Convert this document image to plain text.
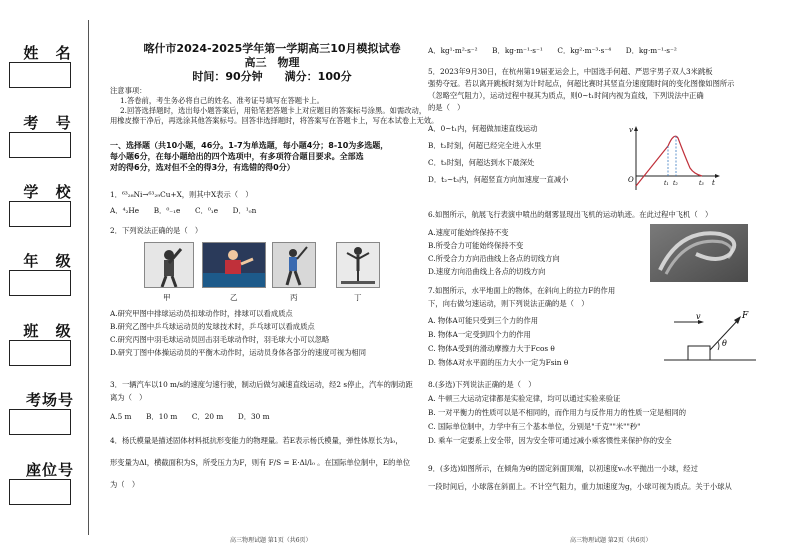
姓 名
考 号
学 校
年 级
班 级
考场号
座位号
喀什市2024-2025学年第一学期高三10月模拟试卷
高三　物理
时间：90分钟　　满分：100分

注意事项：

1.答卷前，考生务必将自己的姓名、准考证号填写在答题卡上。

2.回答选择题时，选出每小题答案后，用铅笔把答题卡上对应题目的答案标号涂黑。如需改动，

用橡皮擦干净后，再选涂其他答案标号。回答非选择题时，将答案写在答题卡上，写在本试卷上无效。

一、选择题（共10小题，46分。1-7为单选题，每小题4分；8-10为多选题，

每小题6分，在每小题给出的四个选项中，有多项符合题目要求。全部选

对的得6分，选对但不全的得3分，有选错的得0分）

1．⁶³₂₈Ni→⁶³₂₉Cu+X，则其中X表示（　）

A．⁴₂He　　B．⁰₋₁e　　C．⁰₁e　　D．¹₀n

2．下列说法正确的是（　）

甲	乙	丙	丁

A.研究甲图中排球运动员扣球动作时，排球可以看成质点

B.研究乙图中乒乓球运动员的发球技术时，乒乓球可以看成质点

C.研究丙图中羽毛球运动员回击羽毛球动作时，羽毛球大小可以忽略

D.研究丁图中体操运动员的平衡木动作时，运动员身体各部分的速度可视为相同

3．一辆汽车以10 m/s的速度匀速行驶，制动后做匀减速直线运动，经2 s停止，汽车的制动距

离为（　）

A.5 m　　B．10 m　　C．20 m　　D．30 m

4．杨氏模量是描述固体材料抵抗形变能力的物理量。若E表示杨氏模量，弹性体原长为l₀，

形变量为Δl，横截面积为S，所受压力为F，则有 F/S = E·Δl/l₀ 。在国际单位制中，E的单位

为（　）

高三物理试题 第1页（共6页）

A．kg¹·m²·s⁻²　　B．kg·m⁻¹·s⁻¹　　C．kg²·m⁻³·s⁻⁴　　D．kg·m⁻¹·s⁻²

5．2023年9月30日，在杭州第19届亚运会上，中国选手何超、严思宇男子双人3米跳板

强势夺冠。若以离开跳板时刻为计时起点，何超比赛时其竖直分速度随时间的变化图像如图所示

（忽略空气阻力），运动过程中视其为质点，则0~t₁时间内视为直线，下列说法中正确

的是（　）

A．0~t₁内，何超做加速直线运动

B．t₂时刻，何超已经完全进入水里

C．t₃时刻，何超达到水下最深处

D．t₂~t₃内，何超竖直方向加速度一直减小

v
O	t₁ t₂	t₃ t

6.如图所示，航展飞行表演中喷出的烟雾显现出飞机的运动轨迹。在此过程中飞机（　）

A.速度可能始终保持不变

B.所受合力可能始终保持不变

C.所受合力方向沿曲线上各点的切线方向

D.速度方向沿曲线上各点的切线方向

7.如图所示，水平地面上的物体，在斜向上的拉力F的作用

下，向右做匀速运动，则下列说法正确的是（　）

A. 物体A可能只受到三个力的作用

B. 物体A一定受到四个力的作用

C. 物体A受到的滑动摩擦力大于Fcos θ

D. 物体A对水平面的压力大小一定为Fsin θ

v	F
θ

8.(多选)下列说法正确的是（　）

A. 牛顿三大运动定律都是实验定律，均可以通过实验来验证

B. 一对平衡力的性质可以是不相同的，而作用力与反作用力的性质一定是相同的

C. 国际单位制中，力学中有三个基本单位，分别是"千克""米""秒"

D. 乘车一定要系上安全带，因为安全带可通过减小乘客惯性来保护你的安全

9．(多选)如图所示，在倾角为θ的固定斜面顶端，以初速度v₀水平抛出一小球，经过

一段时间后，小球落在斜面上。不计空气阻力，重力加速度为g，小球可视为质点。关于小球从

高三物理试题 第2页（共6页）
